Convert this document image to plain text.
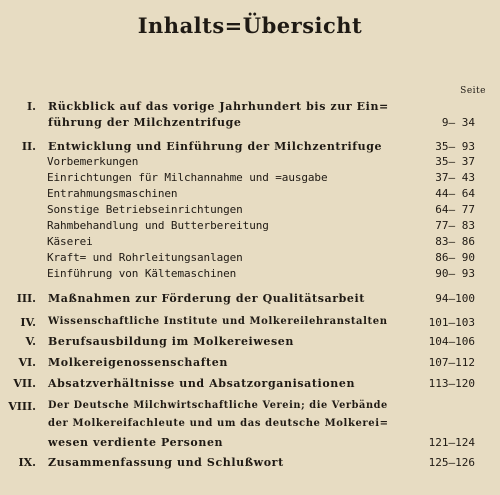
Inhalts=Übersicht
Seite
I. Rückblick auf das vorige Jahrhundert bis zur Ein=
führung der Milchzentrifuge	9— 34
II. Entwicklung und Einführung der Milchzentrifuge	35— 93
Vorbemerkungen	35— 37
Einrichtungen für Milchannahme und =ausgabe	37— 43
Entrahmungsmaschinen	44— 64
Sonstige Betriebseinrichtungen	64— 77
Rahmbehandlung und Butterbereitung	77— 83
Käserei	83— 86
Kraft= und Rohrleitungsanlagen	86— 90
Einführung von Kältemaschinen	90— 93
III. Maßnahmen zur Förderung der Qualitätsarbeit	94—100
IV. Wissenschaftliche Institute und Molkereilehranstalten	101—103
V. Berufsausbildung im Molkereiwesen	104—106
VI. Molkereigenossenschaften	107—112
VII. Absatzverhältnisse und Absatzorganisationen	113—120
VIII. Der Deutsche Milchwirtschaftliche Verein; die Verbände
der Molkereifachleute und um das deutsche Molkerei=
wesen verdiente Personen	121—124
IX. Zusammenfassung und Schlußwort	125—126
